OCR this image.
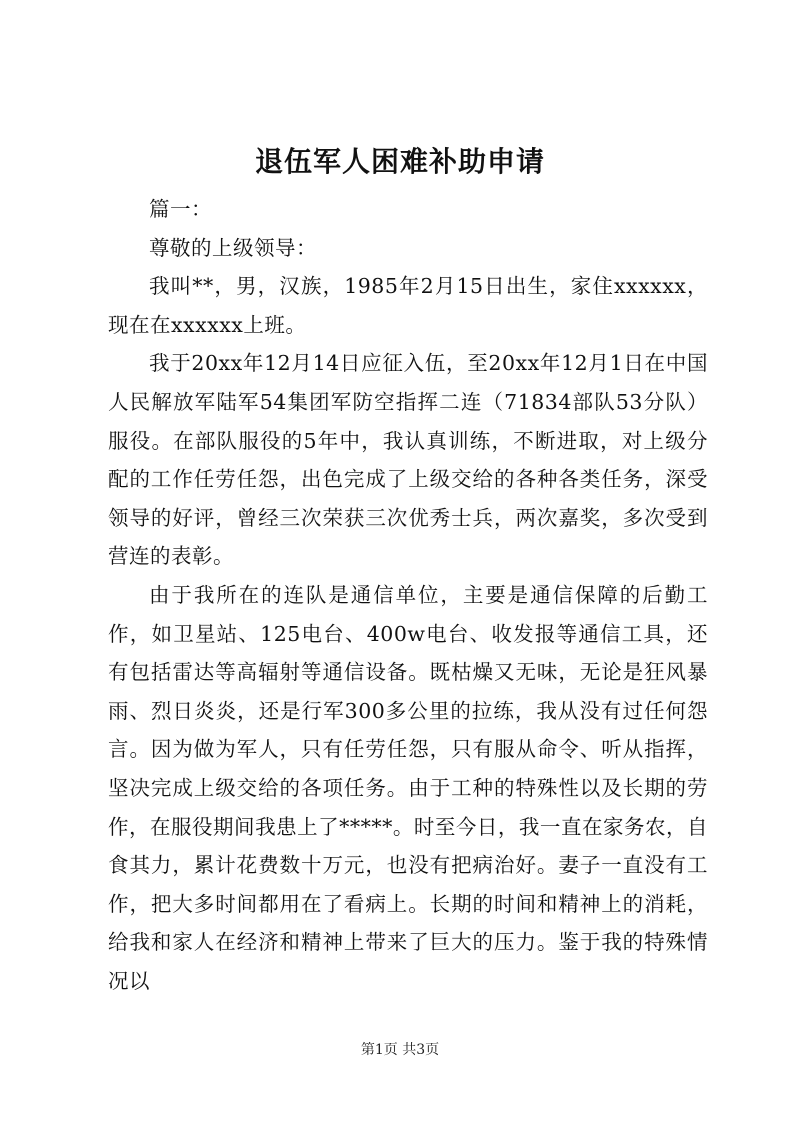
退伍军人困难补助申请

篇一：

尊敬的上级领导：

我叫**，男，汉族，1985年2月15日出生，家住xxxxxx，现在在xxxxxx上班。

我于20xx年12月14日应征入伍，至20xx年12月1日在中国人民解放军陆军54集团军防空指挥二连（71834部队53分队）服役。在部队服役的5年中，我认真训练，不断进取，对上级分配的工作任劳任怨，出色完成了上级交给的各种各类任务，深受领导的好评，曾经三次荣获三次优秀士兵，两次嘉奖，多次受到营连的表彰。

由于我所在的连队是通信单位，主要是通信保障的后勤工作，如卫星站、125电台、400w电台、收发报等通信工具，还有包括雷达等高辐射等通信设备。既枯燥又无味，无论是狂风暴雨、烈日炎炎，还是行军300多公里的拉练，我从没有过任何怨言。因为做为军人，只有任劳任怨，只有服从命令、听从指挥，坚决完成上级交给的各项任务。由于工种的特殊性以及长期的劳作，在服役期间我患上了*****。时至今日，我一直在家务农，自食其力，累计花费数十万元，也没有把病治好。妻子一直没有工作，把大多时间都用在了看病上。长期的时间和精神上的消耗，给我和家人在经济和精神上带来了巨大的压力。鉴于我的特殊情况以

第1页 共3页
